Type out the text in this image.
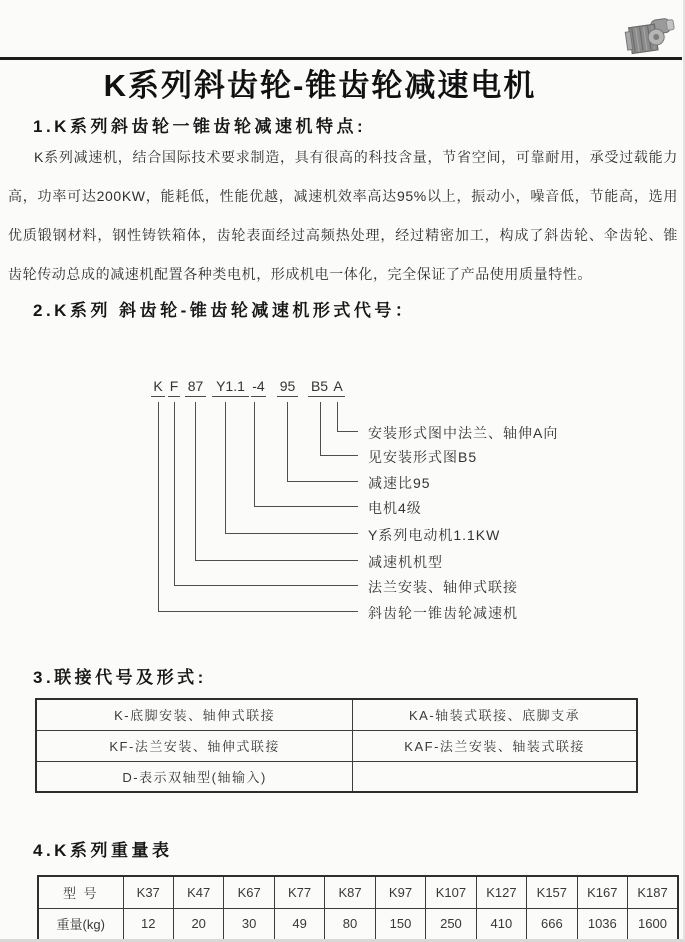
K系列斜齿轮-锥齿轮减速电机
1.K系列斜齿轮一锥齿轮减速机特点:
K系列减速机，结合国际技术要求制造，具有很高的科技含量，节省空间，可靠耐用，承受过载能力高，功率可达200KW，能耗低，性能优越，减速机效率高达95%以上，振动小，噪音低，节能高，选用优质锻钢材料，钢性铸铁箱体，齿轮表面经过高频热处理，经过精密加工，构成了斜齿轮、伞齿轮、锥齿轮传动总成的减速机配置各种类电机，形成机电一体化，完全保证了产品使用质量特性。
2.K系列 斜齿轮-锥齿轮减速机形式代号：
K F 87 Y1.1 -4 95 B5 A
安装形式图中法兰、轴伸A向
见安装形式图B5
减速比95
电机4级
Y系列电动机1.1KW
减速机机型
法兰安装、轴伸式联接
斜齿轮一锥齿轮减速机
3.联接代号及形式:
K-底脚安装、轴伸式联接	KA-轴装式联接、底脚支承
KF-法兰安装、轴伸式联接	KAF-法兰安装、轴装式联接
D-表示双轴型(轴输入)	
4.K系列重量表
型 号	K37	K47	K67	K77	K87	K97	K107	K127	K157	K167	K187
重量(kg)	12	20	30	49	80	150	250	410	666	1036	1600
